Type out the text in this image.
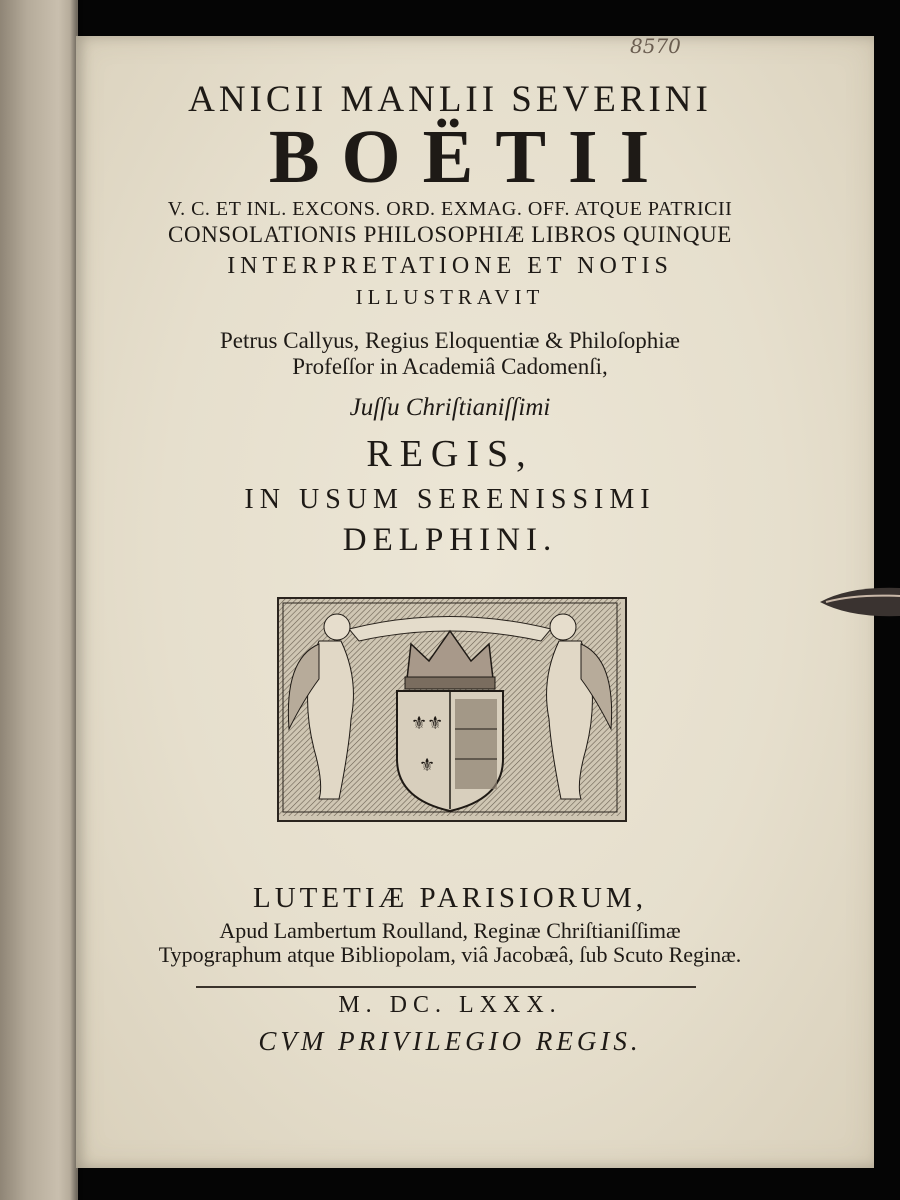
8570
ANICII MANLII SEVERINI
BOËTII
V. C. ET INL. EXCONS. ORD. EXMAG. OFF. ATQUE PATRICII
CONSOLATIONIS PHILOSOPHIÆ LIBROS QUINQUE
INTERPRETATIONE ET NOTIS
ILLUSTRAVIT
Petrus Callyus, Regius Eloquentiæ & Philoſophiæ
Profeſſor in Academiâ Cadomenſi,
Juſſu Chriſtianiſſimi
REGIS,
IN USUM SERENISSIMI
DELPHINI.
⚜⚜
⚜
LUTETIÆ PARISIORUM,
Apud Lambertum Roulland, Reginæ Chriſtianiſſimæ
Typographum atque Bibliopolam, viâ Jacobæâ, ſub Scuto Reginæ.
M. DC. LXXX.
CVM PRIVILEGIO REGIS.
